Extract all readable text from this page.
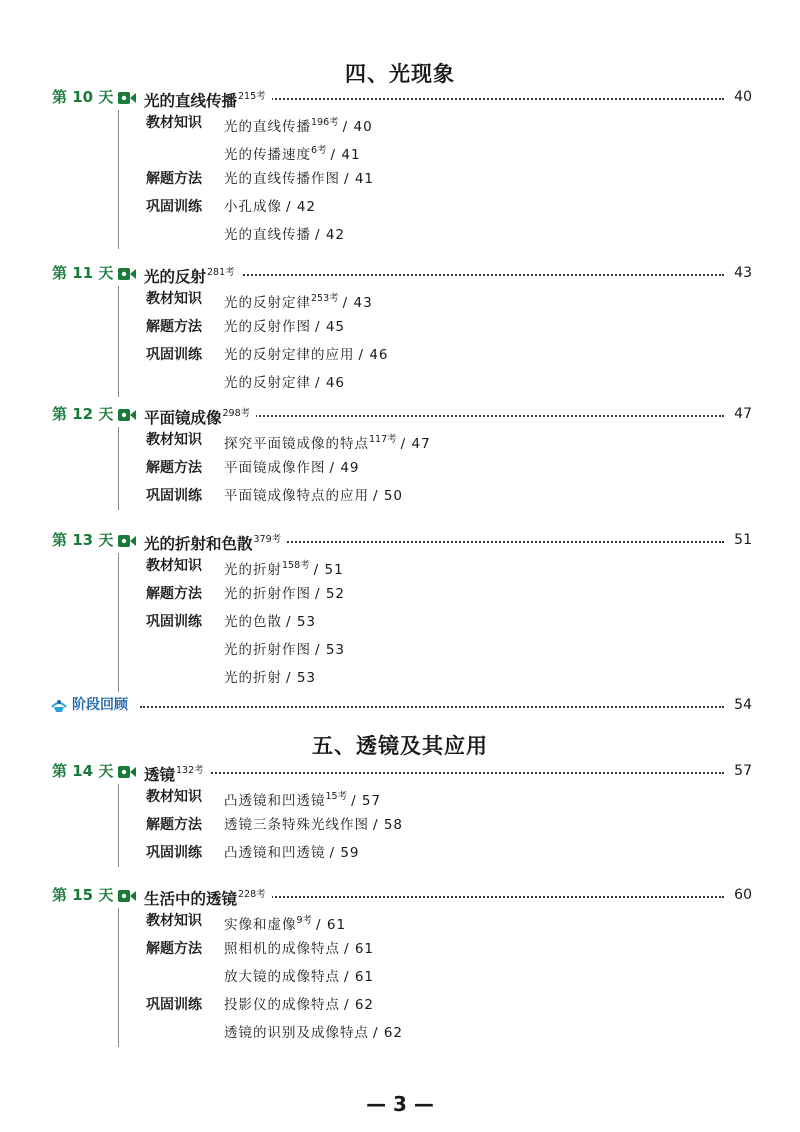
四、光现象
第 10 天 光的直线传播$^{215考}$	40
教材知识 光的直线传播$^{196考}$ / 40
光的传播速度$^{6考}$ / 41
解题方法 光的直线传播作图 / 41
巩固训练 小孔成像 / 42
光的直线传播 / 42
第 11 天 光的反射$^{281考}$	43
教材知识 光的反射定律$^{253考}$ / 43
解题方法 光的反射作图 / 45
巩固训练 光的反射定律的应用 / 46
光的反射定律 / 46
第 12 天 平面镜成像$^{298考}$	47
教材知识 探究平面镜成像的特点$^{117考}$ / 47
解题方法 平面镜成像作图 / 49
巩固训练 平面镜成像特点的应用 / 50
第 13 天 光的折射和色散$^{379考}$	51
教材知识 光的折射$^{158考}$ / 51
解题方法 光的折射作图 / 52
巩固训练 光的色散 / 53
光的折射作图 / 53
光的折射 / 53
阶段回顾	54
五、透镜及其应用
第 14 天 透镜$^{132考}$	57
教材知识 凸透镜和凹透镜$^{15考}$ / 57
解题方法 透镜三条特殊光线作图 / 58
巩固训练 凸透镜和凹透镜 / 59
第 15 天 生活中的透镜$^{228考}$	60
教材知识 实像和虚像$^{9考}$ / 61
解题方法 照相机的成像特点 / 61
放大镜的成像特点 / 61
巩固训练 投影仪的成像特点 / 62
透镜的识别及成像特点 / 62
— 3 —
